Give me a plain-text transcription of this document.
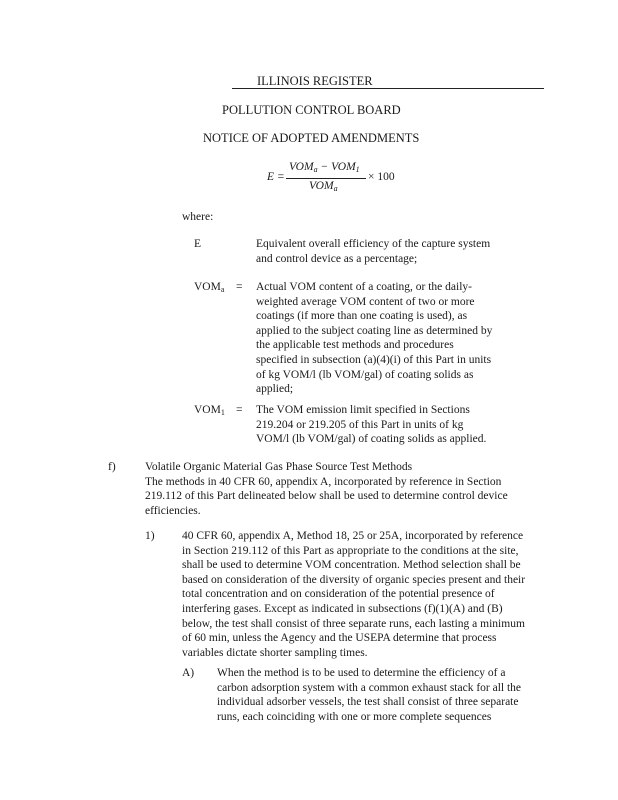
ILLINOIS REGISTER
POLLUTION CONTROL BOARD
NOTICE OF ADOPTED AMENDMENTS
E =
$VOM_a - VOM_1$
$VOM_a$
× 100
where:
E	Equivalent overall efficiency of the capture system
and control device as a percentage;
$VOM_a$ = Actual VOM content of a coating, or the daily-
weighted average VOM content of two or more
coatings (if more than one coating is used), as
applied to the subject coating line as determined by
the applicable test methods and procedures
specified in subsection (a)(4)(i) of this Part in units
of kg VOM/l (lb VOM/gal) of coating solids as
applied;
$VOM_1$ = The VOM emission limit specified in Sections
219.204 or 219.205 of this Part in units of kg
VOM/l (lb VOM/gal) of coating solids as applied.
f)	Volatile Organic Material Gas Phase Source Test Methods
The methods in 40 CFR 60, appendix A, incorporated by reference in Section
219.112 of this Part delineated below shall be used to determine control device
efficiencies.
1) 40 CFR 60, appendix A, Method 18, 25 or 25A, incorporated by reference
in Section 219.112 of this Part as appropriate to the conditions at the site,
shall be used to determine VOM concentration. Method selection shall be
based on consideration of the diversity of organic species present and their
total concentration and on consideration of the potential presence of
interfering gases. Except as indicated in subsections (f)(1)(A) and (B)
below, the test shall consist of three separate runs, each lasting a minimum
of 60 min, unless the Agency and the USEPA determine that process
variables dictate shorter sampling times.
A) When the method is to be used to determine the efficiency of a
carbon adsorption system with a common exhaust stack for all the
individual adsorber vessels, the test shall consist of three separate
runs, each coinciding with one or more complete sequences
